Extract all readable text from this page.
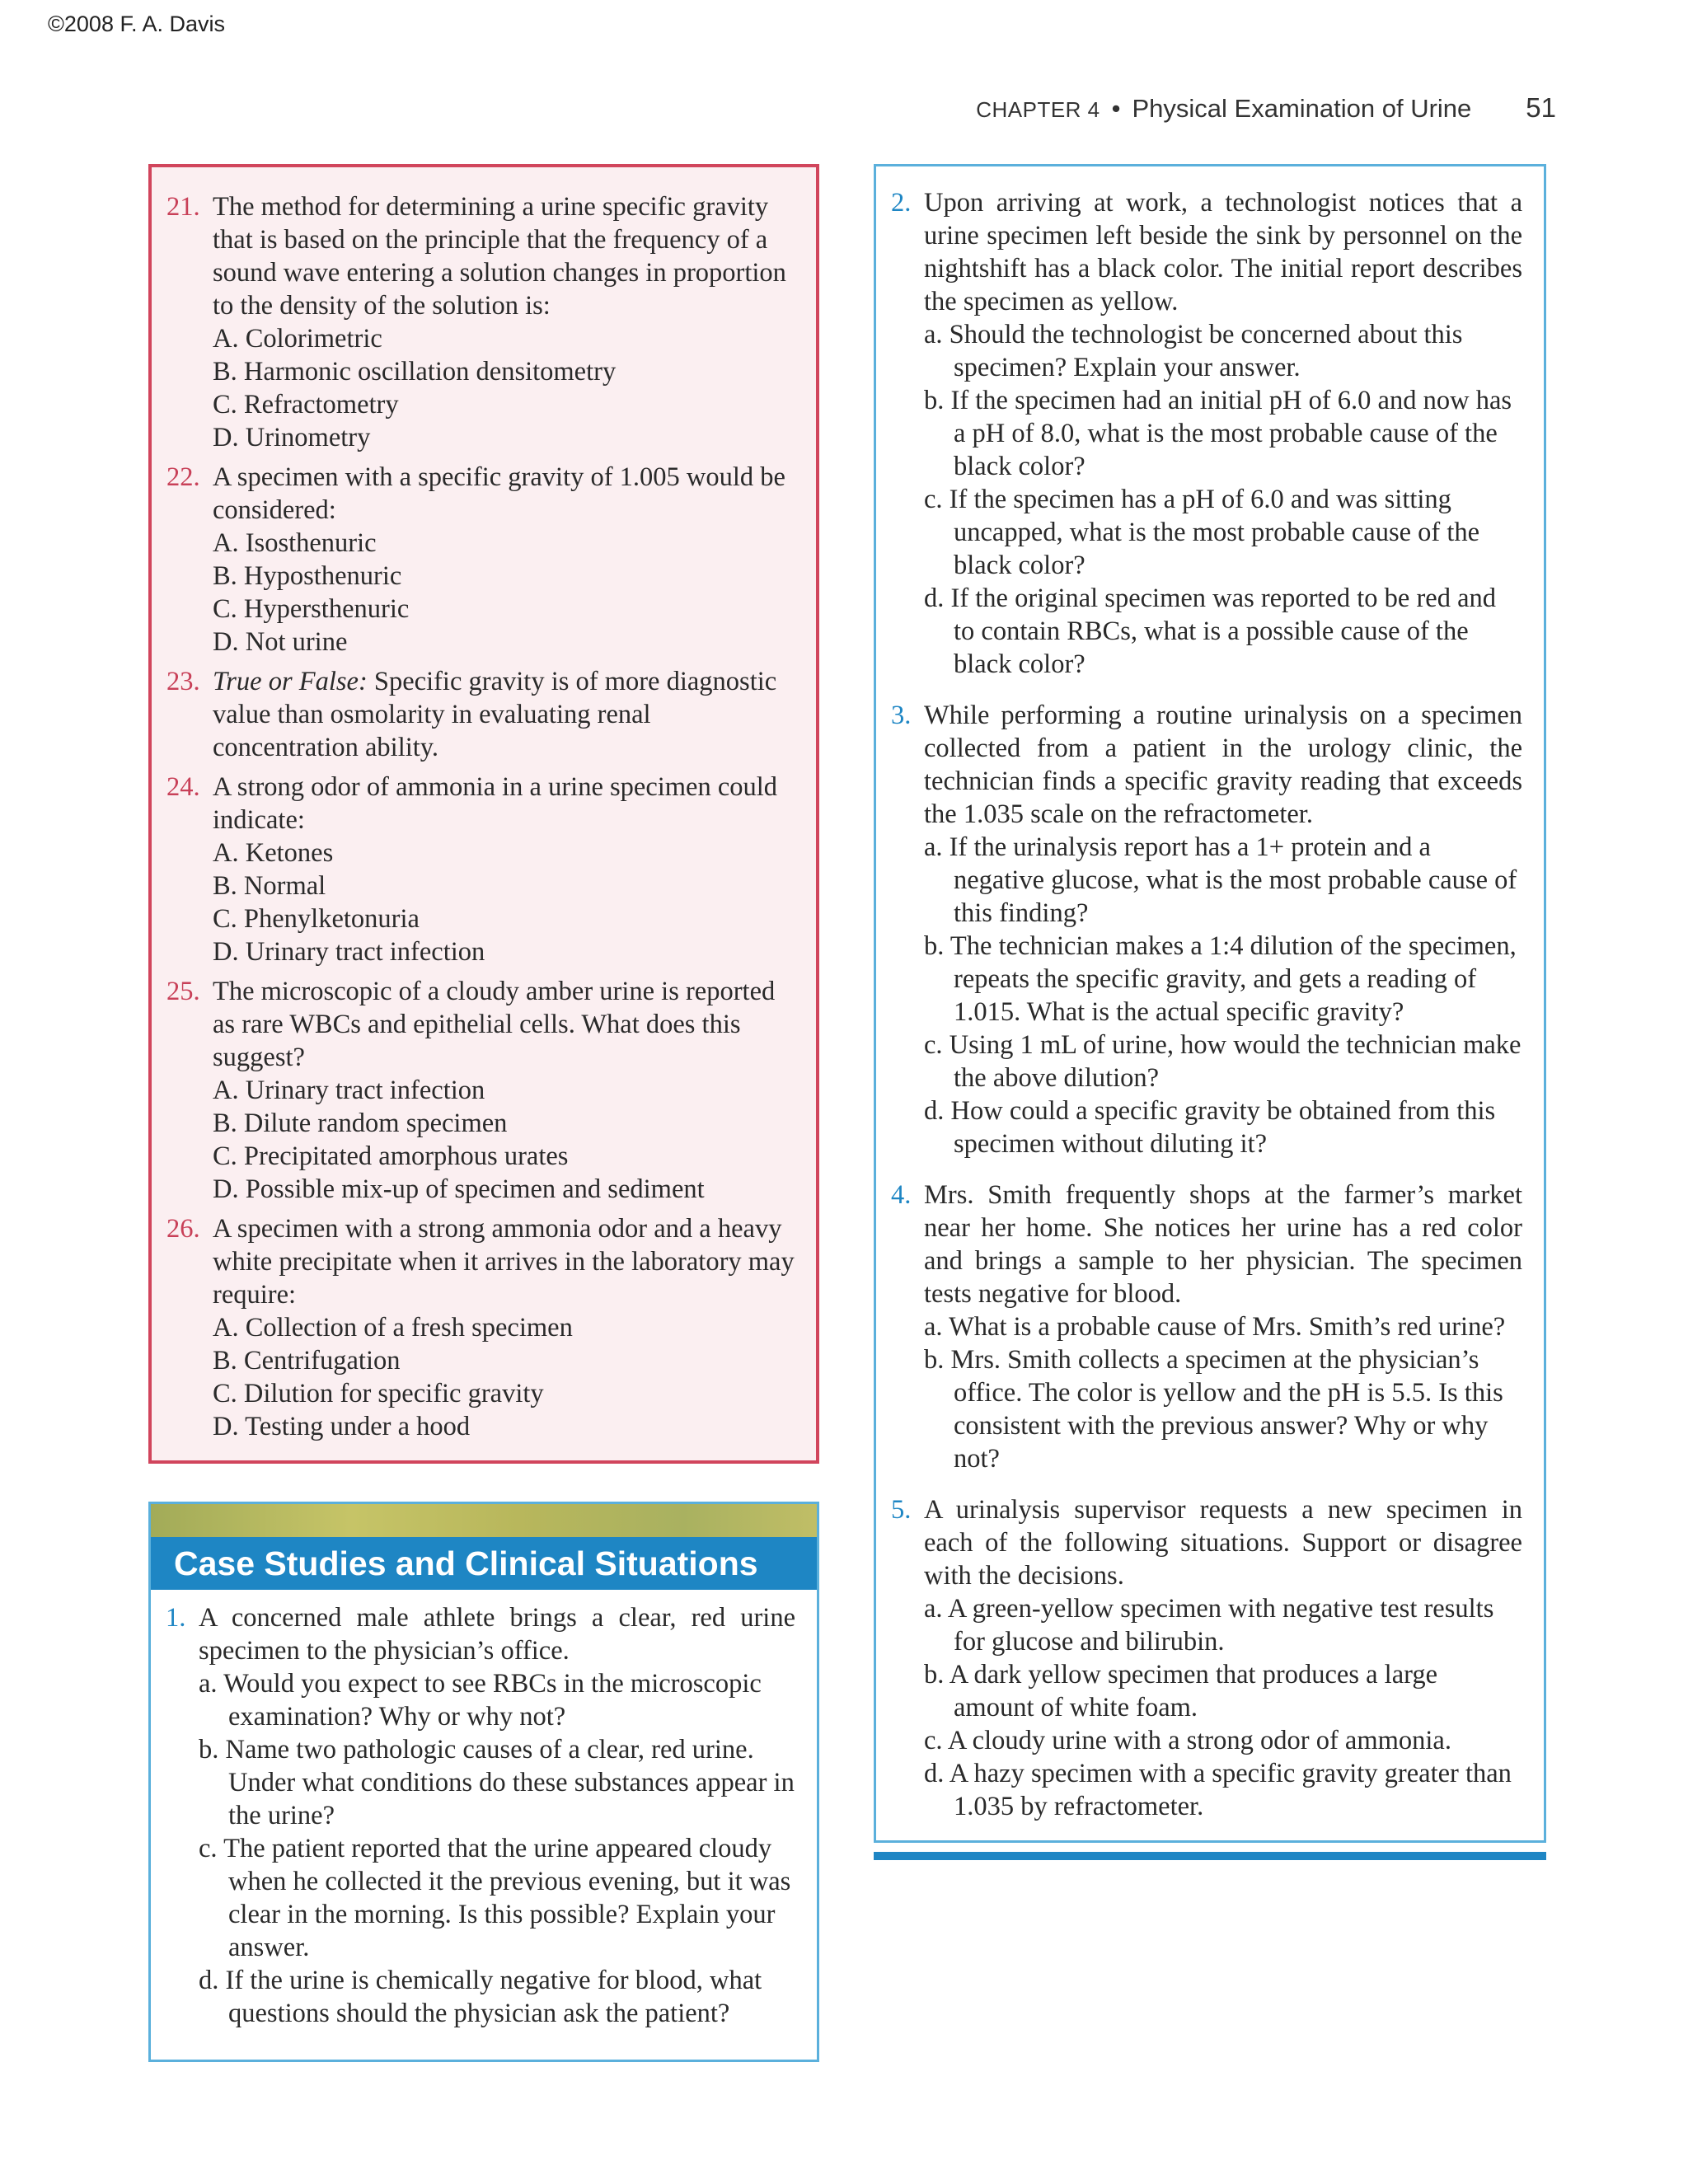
©2008 F. A. Davis
CHAPTER 4 • Physical Examination of Urine 51
21. The method for determining a urine specific gravity that is based on the principle that the frequency of a sound wave entering a solution changes in proportion to the density of the solution is:
A. Colorimetric
B. Harmonic oscillation densitometry
C. Refractometry
D. Urinometry
22. A specimen with a specific gravity of 1.005 would be considered:
A. Isosthenuric
B. Hyposthenuric
C. Hypersthenuric
D. Not urine
23. True or False: Specific gravity is of more diagnostic value than osmolarity in evaluating renal concentration ability.
24. A strong odor of ammonia in a urine specimen could indicate:
A. Ketones
B. Normal
C. Phenylketonuria
D. Urinary tract infection
25. The microscopic of a cloudy amber urine is reported as rare WBCs and epithelial cells. What does this suggest?
A. Urinary tract infection
B. Dilute random specimen
C. Precipitated amorphous urates
D. Possible mix-up of specimen and sediment
26. A specimen with a strong ammonia odor and a heavy white precipitate when it arrives in the laboratory may require:
A. Collection of a fresh specimen
B. Centrifugation
C. Dilution for specific gravity
D. Testing under a hood
Case Studies and Clinical Situations
1. A concerned male athlete brings a clear, red urine specimen to the physician’s office.
a. Would you expect to see RBCs in the microscopic examination? Why or why not?
b. Name two pathologic causes of a clear, red urine. Under what conditions do these substances appear in the urine?
c. The patient reported that the urine appeared cloudy when he collected it the previous evening, but it was clear in the morning. Is this possible? Explain your answer.
d. If the urine is chemically negative for blood, what questions should the physician ask the patient?
2. Upon arriving at work, a technologist notices that a urine specimen left beside the sink by personnel on the nightshift has a black color. The initial report describes the specimen as yellow.
a. Should the technologist be concerned about this specimen? Explain your answer.
b. If the specimen had an initial pH of 6.0 and now has a pH of 8.0, what is the most probable cause of the black color?
c. If the specimen has a pH of 6.0 and was sitting uncapped, what is the most probable cause of the black color?
d. If the original specimen was reported to be red and to contain RBCs, what is a possible cause of the black color?
3. While performing a routine urinalysis on a specimen collected from a patient in the urology clinic, the technician finds a specific gravity reading that exceeds the 1.035 scale on the refractometer.
a. If the urinalysis report has a 1+ protein and a negative glucose, what is the most probable cause of this finding?
b. The technician makes a 1:4 dilution of the specimen, repeats the specific gravity, and gets a reading of 1.015. What is the actual specific gravity?
c. Using 1 mL of urine, how would the technician make the above dilution?
d. How could a specific gravity be obtained from this specimen without diluting it?
4. Mrs. Smith frequently shops at the farmer’s market near her home. She notices her urine has a red color and brings a sample to her physician. The specimen tests negative for blood.
a. What is a probable cause of Mrs. Smith’s red urine?
b. Mrs. Smith collects a specimen at the physician’s office. The color is yellow and the pH is 5.5. Is this consistent with the previous answer? Why or why not?
5. A urinalysis supervisor requests a new specimen in each of the following situations. Support or disagree with the decisions.
a. A green-yellow specimen with negative test results for glucose and bilirubin.
b. A dark yellow specimen that produces a large amount of white foam.
c. A cloudy urine with a strong odor of ammonia.
d. A hazy specimen with a specific gravity greater than 1.035 by refractometer.
